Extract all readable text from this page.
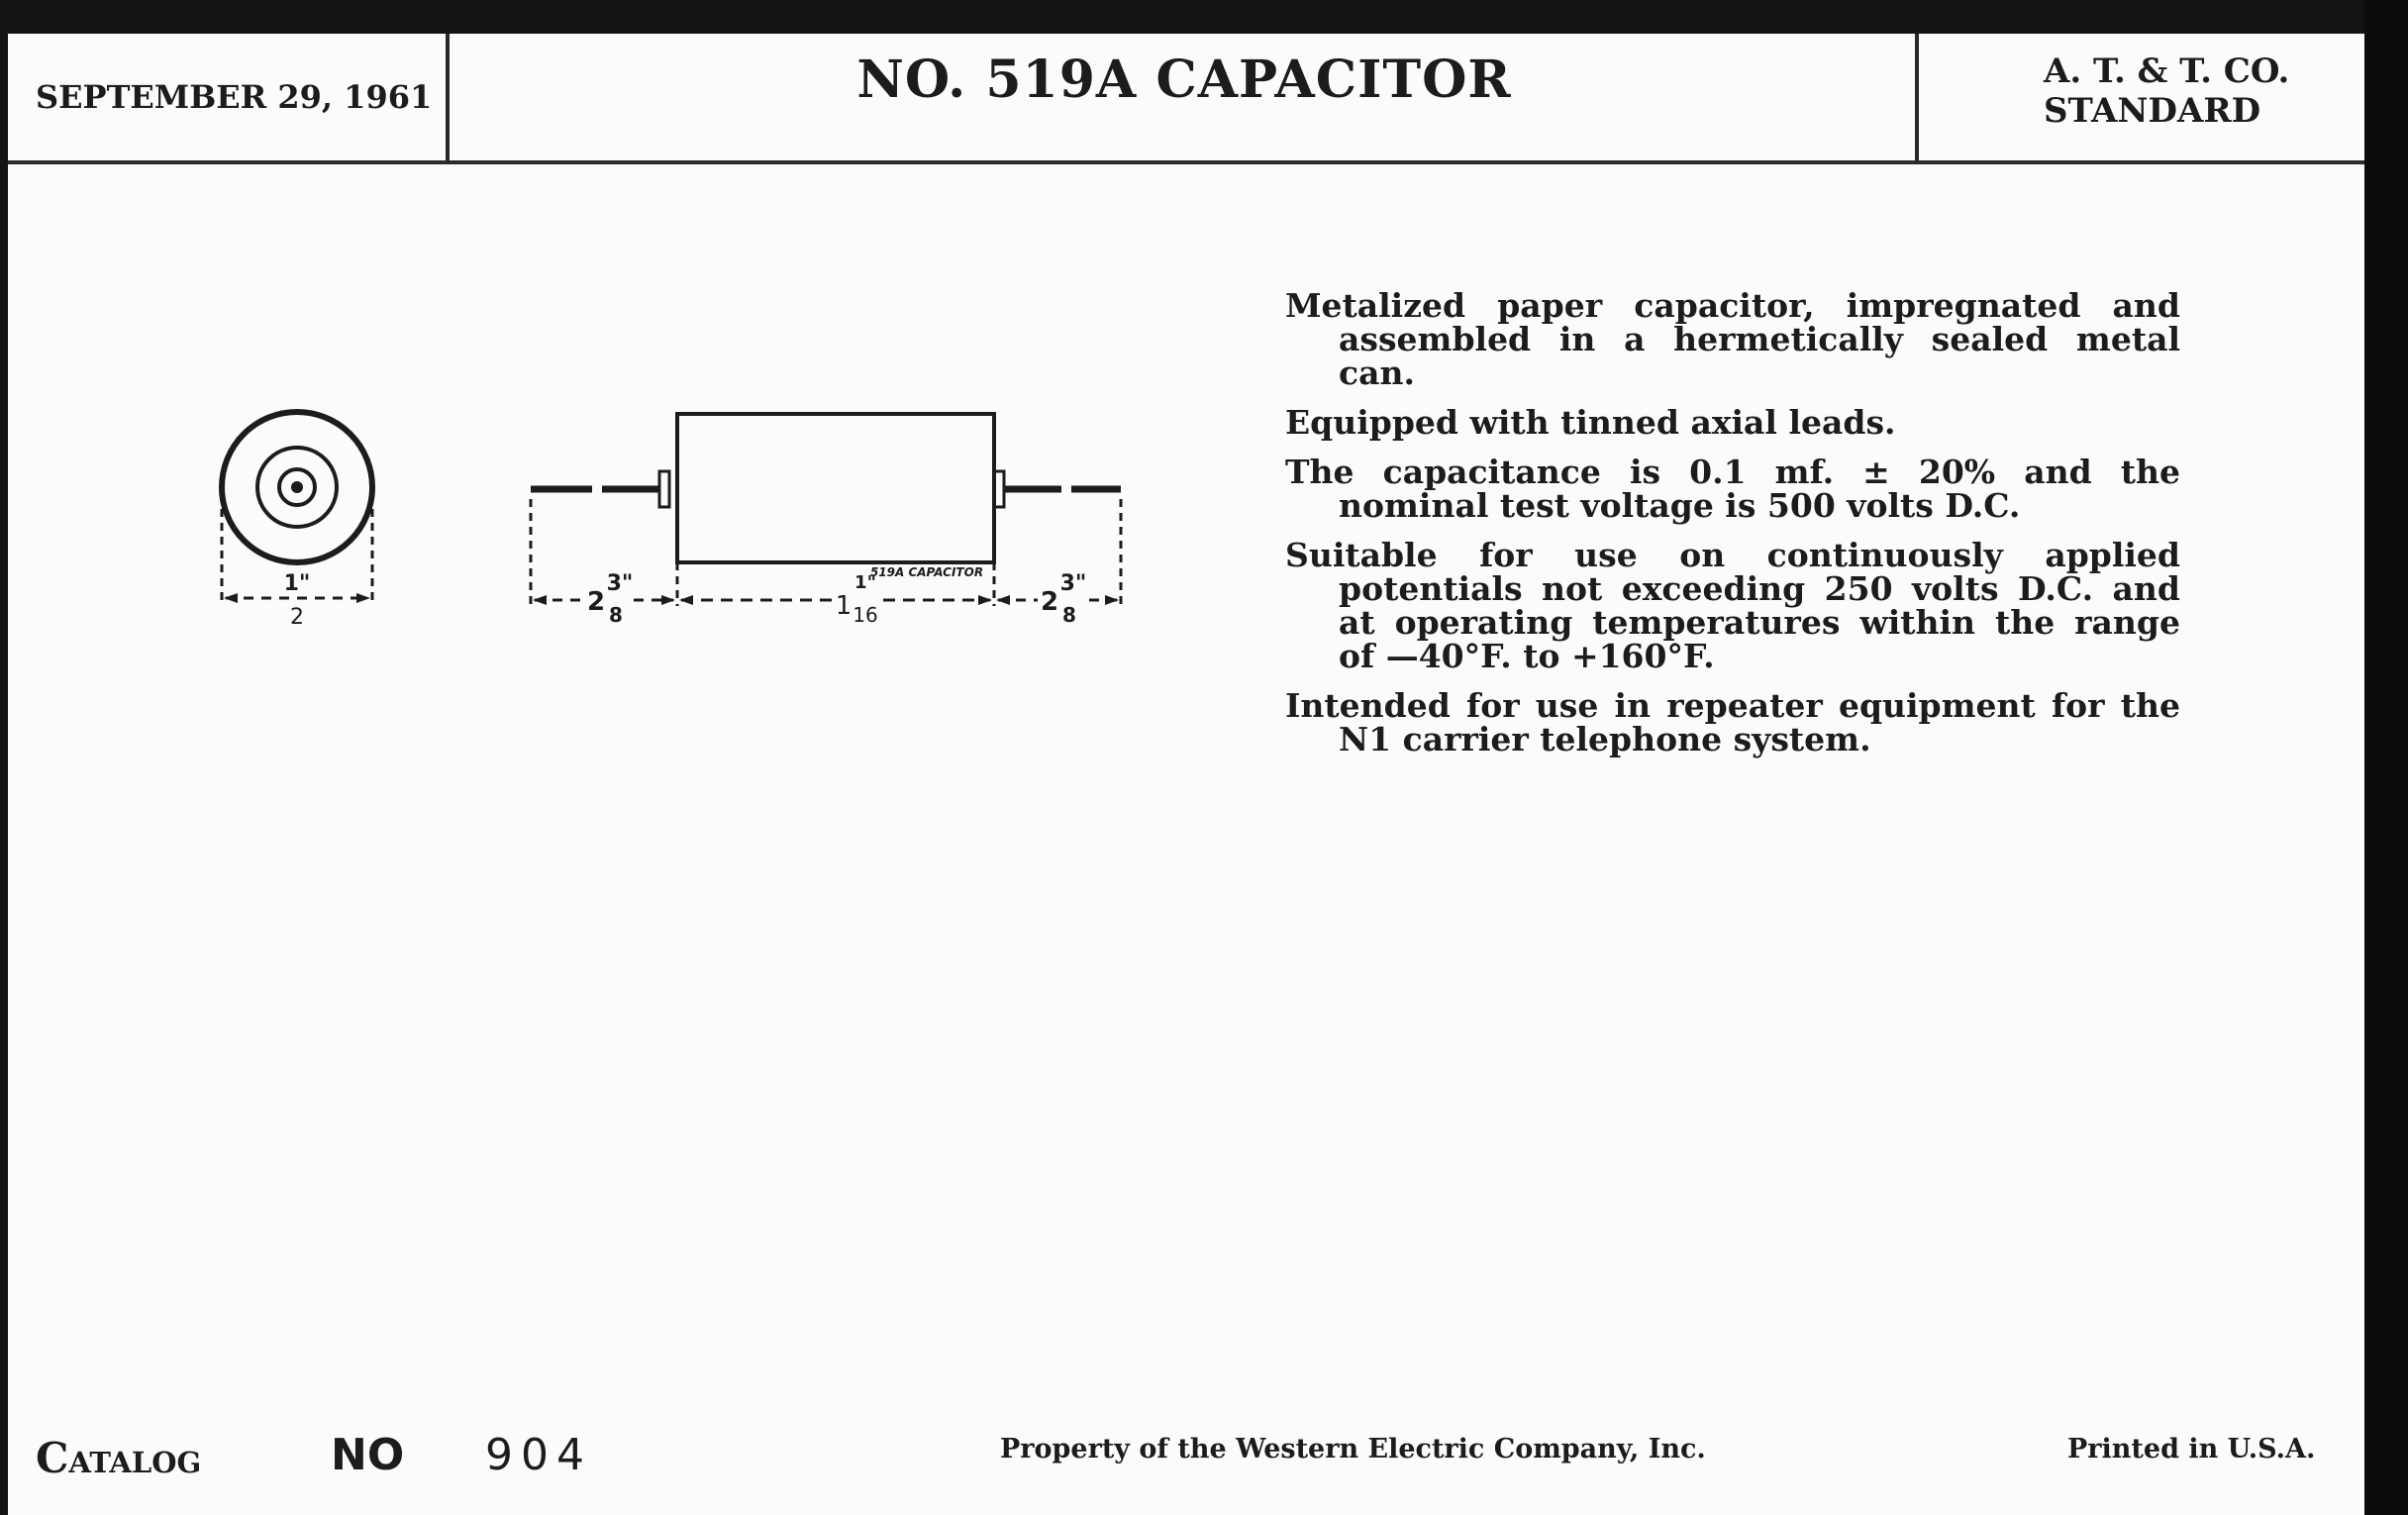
SEPTEMBER 29, 1961	NO. 519A CAPACITOR	A. T. & T. CO.
STANDARD
1"
2
519A CAPACITOR
2
3"
8	1
1"
16	2
3"
8

Metalized paper capacitor, impregnated and assembled in a hermetically sealed metal can.

Equipped with tinned axial leads.

The capacitance is 0.1 mf. ± 20% and the nominal test voltage is 500 volts D.C.

Suitable for use on continuously applied potentials not exceeding 250 volts D.C. and at operating temperatures within the range of —40°F. to +160°F.

Intended for use in repeater equipment for the N1 carrier telephone system.

Catalog	NO 904	Property of the Western Electric Company, Inc.	Printed in U.S.A.
